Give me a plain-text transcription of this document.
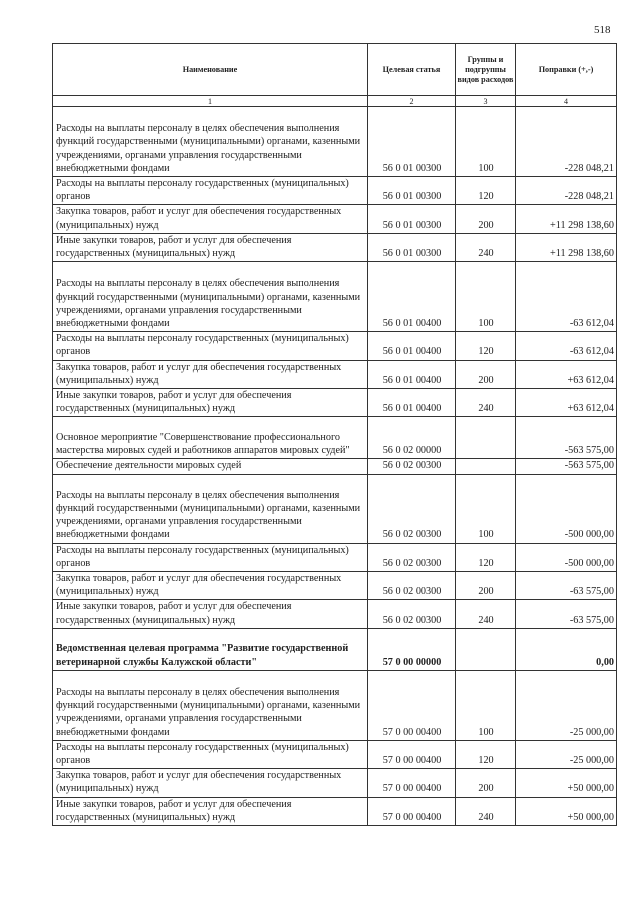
518
Наименование	Целевая статья	Группы и подгруппы видов расходов	Поправки (+,-)
1	2	3	4
Расходы на выплаты персоналу в целях обеспечения выполнения функций государственными (муниципальными) органами, казенными учреждениями, органами управления государственными внебюджетными фондами	56 0 01 00300	100	-228 048,21
Расходы на выплаты персоналу государственных (муниципальных) органов	56 0 01 00300	120	-228 048,21
Закупка товаров, работ и услуг для обеспечения государственных (муниципальных) нужд	56 0 01 00300	200	+11 298 138,60
Иные закупки товаров, работ и услуг для обеспечения государственных (муниципальных) нужд	56 0 01 00300	240	+11 298 138,60
Расходы на выплаты персоналу в целях обеспечения выполнения функций государственными (муниципальными) органами, казенными учреждениями, органами управления государственными внебюджетными фондами	56 0 01 00400	100	-63 612,04
Расходы на выплаты персоналу государственных (муниципальных) органов	56 0 01 00400	120	-63 612,04
Закупка товаров, работ и услуг для обеспечения государственных (муниципальных) нужд	56 0 01 00400	200	+63 612,04
Иные закупки товаров, работ и услуг для обеспечения государственных (муниципальных) нужд	56 0 01 00400	240	+63 612,04
Основное мероприятие "Совершенствование профессионального мастерства мировых судей и работников аппаратов мировых судей"	56 0 02 00000		-563 575,00
Обеспечение деятельности мировых судей	56 0 02 00300		-563 575,00
Расходы на выплаты персоналу в целях обеспечения выполнения функций государственными (муниципальными) органами, казенными учреждениями, органами управления государственными внебюджетными фондами	56 0 02 00300	100	-500 000,00
Расходы на выплаты персоналу государственных (муниципальных) органов	56 0 02 00300	120	-500 000,00
Закупка товаров, работ и услуг для обеспечения государственных (муниципальных) нужд	56 0 02 00300	200	-63 575,00
Иные закупки товаров, работ и услуг для обеспечения государственных (муниципальных) нужд	56 0 02 00300	240	-63 575,00
Ведомственная целевая программа "Развитие государственной ветеринарной службы Калужской области"	57 0 00 00000		0,00
Расходы на выплаты персоналу в целях обеспечения выполнения функций государственными (муниципальными) органами, казенными учреждениями, органами управления государственными внебюджетными фондами	57 0 00 00400	100	-25 000,00
Расходы на выплаты персоналу государственных (муниципальных) органов	57 0 00 00400	120	-25 000,00
Закупка товаров, работ и услуг для обеспечения государственных (муниципальных) нужд	57 0 00 00400	200	+50 000,00
Иные закупки товаров, работ и услуг для обеспечения государственных (муниципальных) нужд	57 0 00 00400	240	+50 000,00
